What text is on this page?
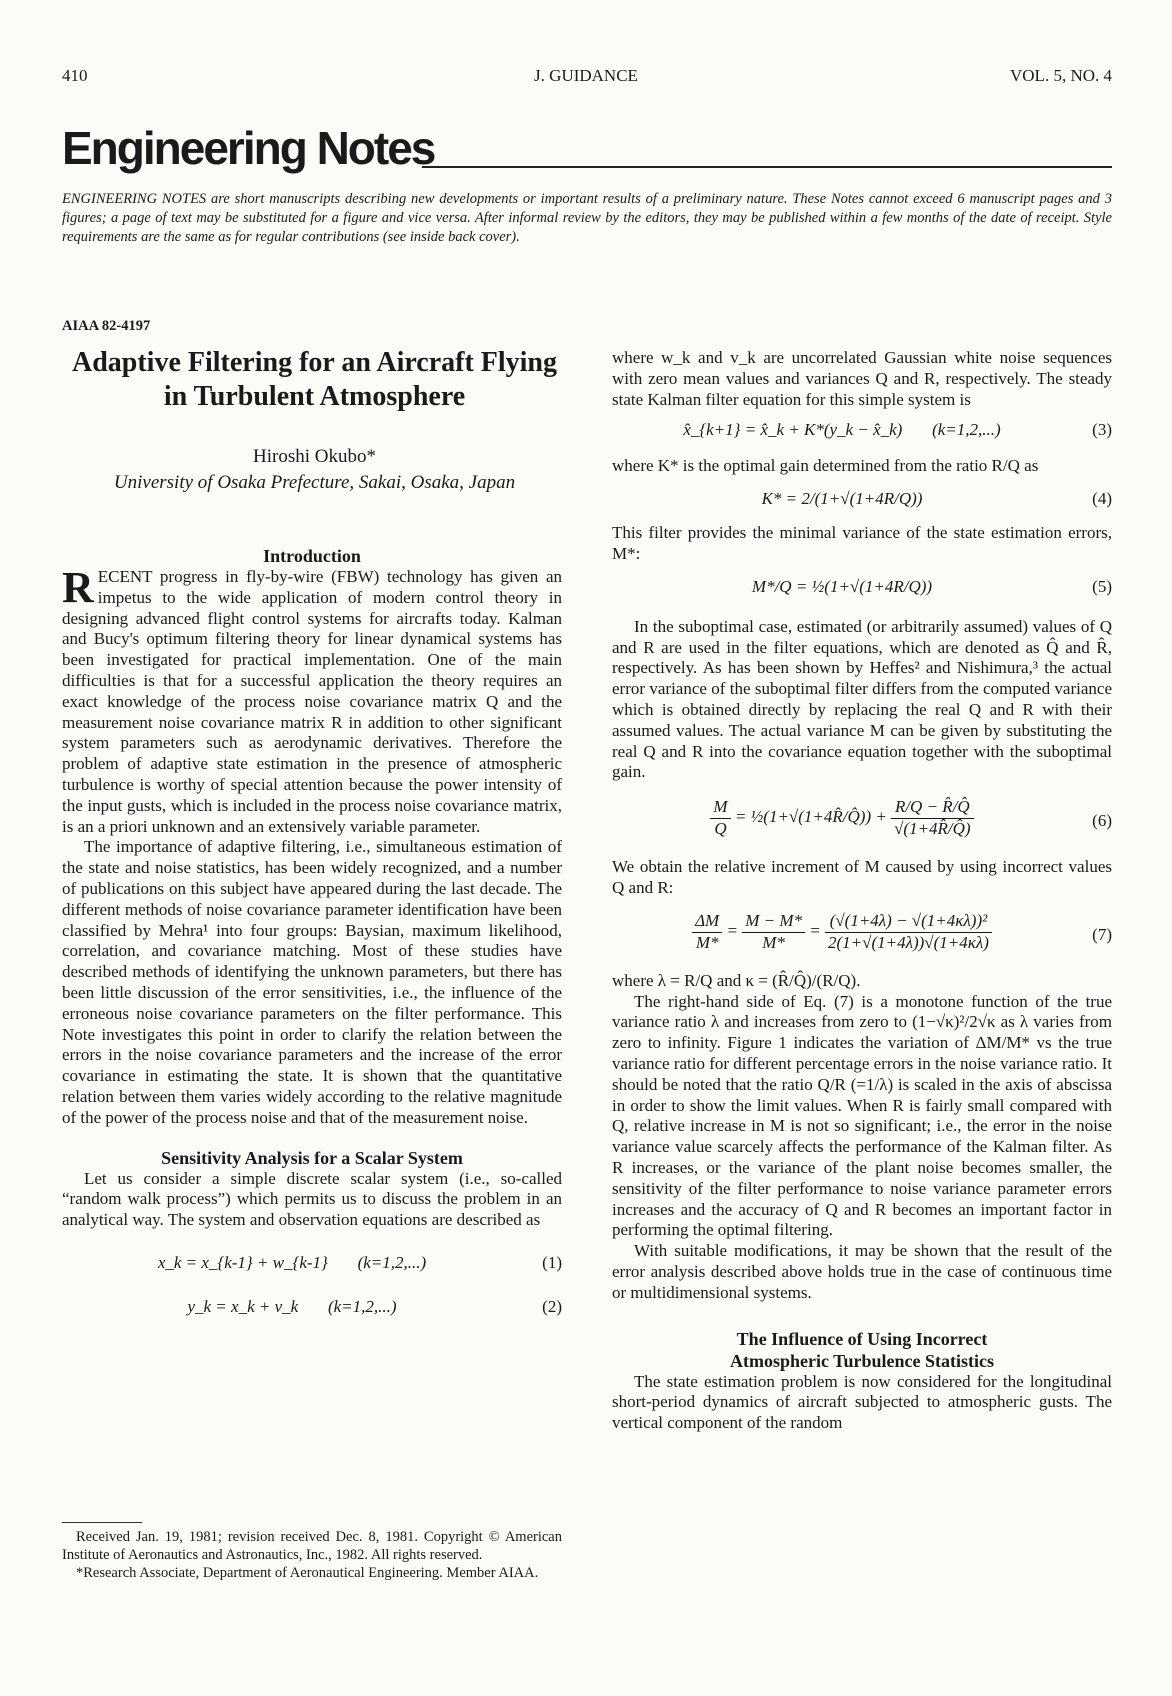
410	J. GUIDANCE	VOL. 5, NO. 4
Engineering Notes
ENGINEERING NOTES are short manuscripts describing new developments or important results of a preliminary nature. These Notes cannot exceed 6 manuscript pages and 3 figures; a page of text may be substituted for a figure and vice versa. After informal review by the editors, they may be published within a few months of the date of receipt. Style requirements are the same as for regular contributions (see inside back cover).
AIAA 82-4197
Adaptive Filtering for an Aircraft Flying in Turbulent Atmosphere
Hiroshi Okubo*
University of Osaka Prefecture, Sakai, Osaka, Japan
Introduction

RECENT progress in fly-by-wire (FBW) technology has given an impetus to the wide application of modern control theory in designing advanced flight control systems for aircrafts today. Kalman and Bucy's optimum filtering theory for linear dynamical systems has been investigated for practical implementation. One of the main difficulties is that for a successful application the theory requires an exact knowledge of the process noise covariance matrix Q and the measurement noise covariance matrix R in addition to other significant system parameters such as aerodynamic derivatives. Therefore the problem of adaptive state estimation in the presence of atmospheric turbulence is worthy of special attention because the power intensity of the input gusts, which is included in the process noise covariance matrix, is an a priori unknown and an extensively variable parameter.

The importance of adaptive filtering, i.e., simultaneous estimation of the state and noise statistics, has been widely recognized, and a number of publications on this subject have appeared during the last decade. The different methods of noise covariance parameter identification have been classified by Mehra¹ into four groups: Baysian, maximum likelihood, correlation, and covariance matching. Most of these studies have described methods of identifying the unknown parameters, but there has been little discussion of the error sensitivities, i.e., the influence of the erroneous noise covariance parameters on the filter performance. This Note investigates this point in order to clarify the relation between the errors in the noise covariance parameters and the increase of the error covariance in estimating the state. It is shown that the quantitative relation between them varies widely according to the relative magnitude of the power of the process noise and that of the measurement noise.

Sensitivity Analysis for a Scalar System

Let us consider a simple discrete scalar system (i.e., so-called “random walk process”) which permits us to discuss the problem in an analytical way. The system and observation equations are described as

x_k = x_{k-1} + w_{k-1} (k=1,2,...)	(1)
y_k = x_k + v_k (k=1,2,...)	(2)

Received Jan. 19, 1981; revision received Dec. 8, 1981. Copyright © American Institute of Aeronautics and Astronautics, Inc., 1982. All rights reserved.

*Research Associate, Department of Aeronautical Engineering. Member AIAA.

where w_k and v_k are uncorrelated Gaussian white noise sequences with zero mean values and variances Q and R, respectively. The steady state Kalman filter equation for this simple system is

x̂_{k+1} = x̂_k + K*(y_k − x̂_k) (k=1,2,...)	(3)

where K* is the optimal gain determined from the ratio R/Q as

K* = 2/(1+√(1+4R/Q))	(4)

This filter provides the minimal variance of the state estimation errors, M*:

M*/Q = ½(1+√(1+4R/Q))	(5)

In the suboptimal case, estimated (or arbitrarily assumed) values of Q and R are used in the filter equations, which are denoted as Q̂ and R̂, respectively. As has been shown by Heffes² and Nishimura,³ the actual error variance of the suboptimal filter differs from the computed variance which is obtained directly by replacing the real Q and R with their assumed values. The actual variance M can be given by substituting the real Q and R into the covariance equation together with the suboptimal gain.

$\frac{M}{Q}$ = ½(1+√(1+4R̂/Q̂)) + $\frac{R/Q - R̂/Q̂}{√(1+4R̂/Q̂)}$	(6)

We obtain the relative increment of M caused by using incorrect values Q and R:

$\frac{\Delta M}{M*} = \frac{M - M*}{M*} = \frac{\text{(√(1+4λ) − √(1+4κλ))²}}{2(1+√(1+4\lambda))√(1+4\kappa\lambda)}$	(7)

where λ = R/Q and κ = (R̂/Q̂)/(R/Q).

The right-hand side of Eq. (7) is a monotone function of the true variance ratio λ and increases from zero to (1−√κ)²/2√κ as λ varies from zero to infinity. Figure 1 indicates the variation of ΔM/M* vs the true variance ratio for different percentage errors in the noise variance ratio. It should be noted that the ratio Q/R (=1/λ) is scaled in the axis of abscissa in order to show the limit values. When R is fairly small compared with Q, relative increase in M is not so significant; i.e., the error in the noise variance value scarcely affects the performance of the Kalman filter. As R increases, or the variance of the plant noise becomes smaller, the sensitivity of the filter performance to noise variance parameter errors increases and the accuracy of Q and R becomes an important factor in performing the optimal filtering.

With suitable modifications, it may be shown that the result of the error analysis described above holds true in the case of continuous time or multidimensional systems.

The Influence of Using Incorrect
Atmospheric Turbulence Statistics

The state estimation problem is now considered for the longitudinal short-period dynamics of aircraft subjected to atmospheric gusts. The vertical component of the random
